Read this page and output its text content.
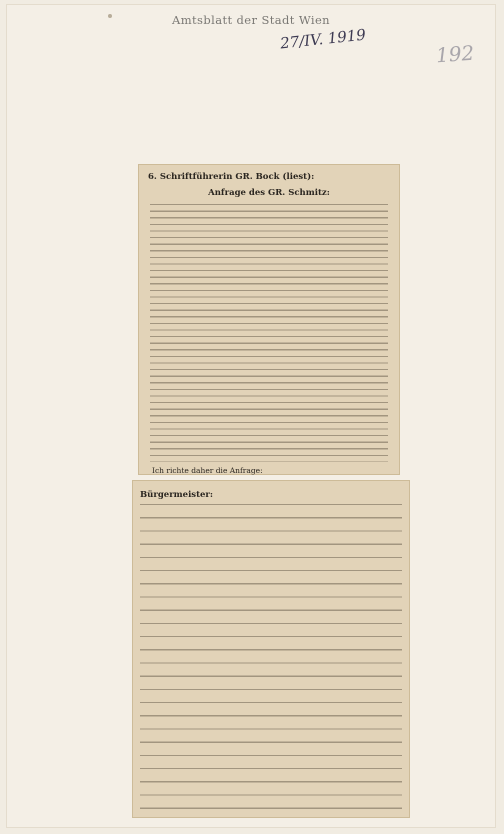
Amtsblatt der Stadt Wien
27/IV. 1919
192
6. Schriftführerin GR. Bock (liest):
Anfrage des GR. Schmitz:
Ich richte daher die Anfrage:
Bürgermeister:
